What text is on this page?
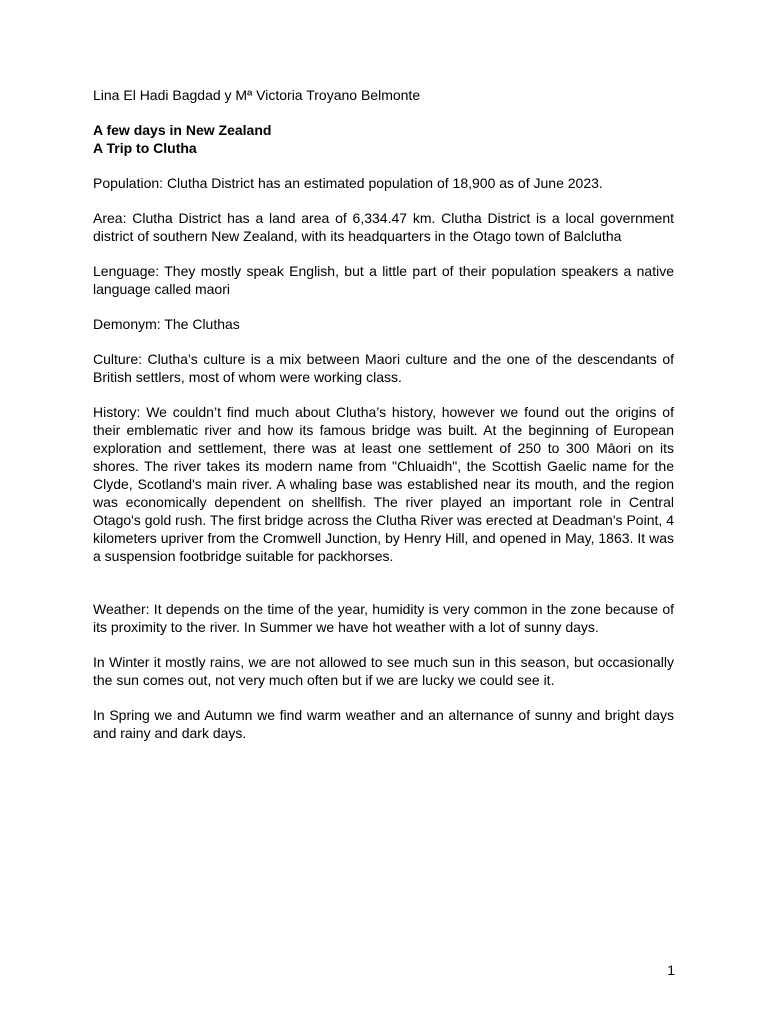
Lina El Hadi Bagdad y Mª Victoria Troyano Belmonte

A few days in New Zealand

A Trip to Clutha

Population: Clutha District has an estimated population of 18,900 as of June 2023.

Area: Clutha District has a land area of 6,334.47 km. Clutha District is a local government district of southern New Zealand, with its headquarters in the Otago town of Balclutha

Lenguage: They mostly speak English, but a little part of their population speakers a native language called maori

Demonym: The Cluthas

Culture: Clutha’s culture is a mix between Maori culture and the one of the descendants of British settlers, most of whom were working class.

History: We couldn’t find much about Clutha’s history, however we found out the origins of their emblematic river and how its famous bridge was built. At the beginning of European exploration and settlement, there was at least one settlement of 250 to 300 Māori on its shores. The river takes its modern name from "Chluaidh", the Scottish Gaelic name for the Clyde, Scotland's main river. A whaling base was established near its mouth, and the region was economically dependent on shellfish. The river played an important role in Central Otago's gold rush. The first bridge across the Clutha River was erected at Deadman's Point, 4 kilometers upriver from the Cromwell Junction, by Henry Hill, and opened in May, 1863. It was a suspension footbridge suitable for packhorses.

Weather: It depends on the time of the year, humidity is very common in the zone because of its proximity to the river. In Summer we have hot weather with a lot of sunny days.

In Winter it mostly rains, we are not allowed to see much sun in this season, but occasionally the sun comes out, not very much often but if we are lucky we could see it.

In Spring we and Autumn we find warm weather and an alternance of sunny and bright days and rainy and dark days.

1
